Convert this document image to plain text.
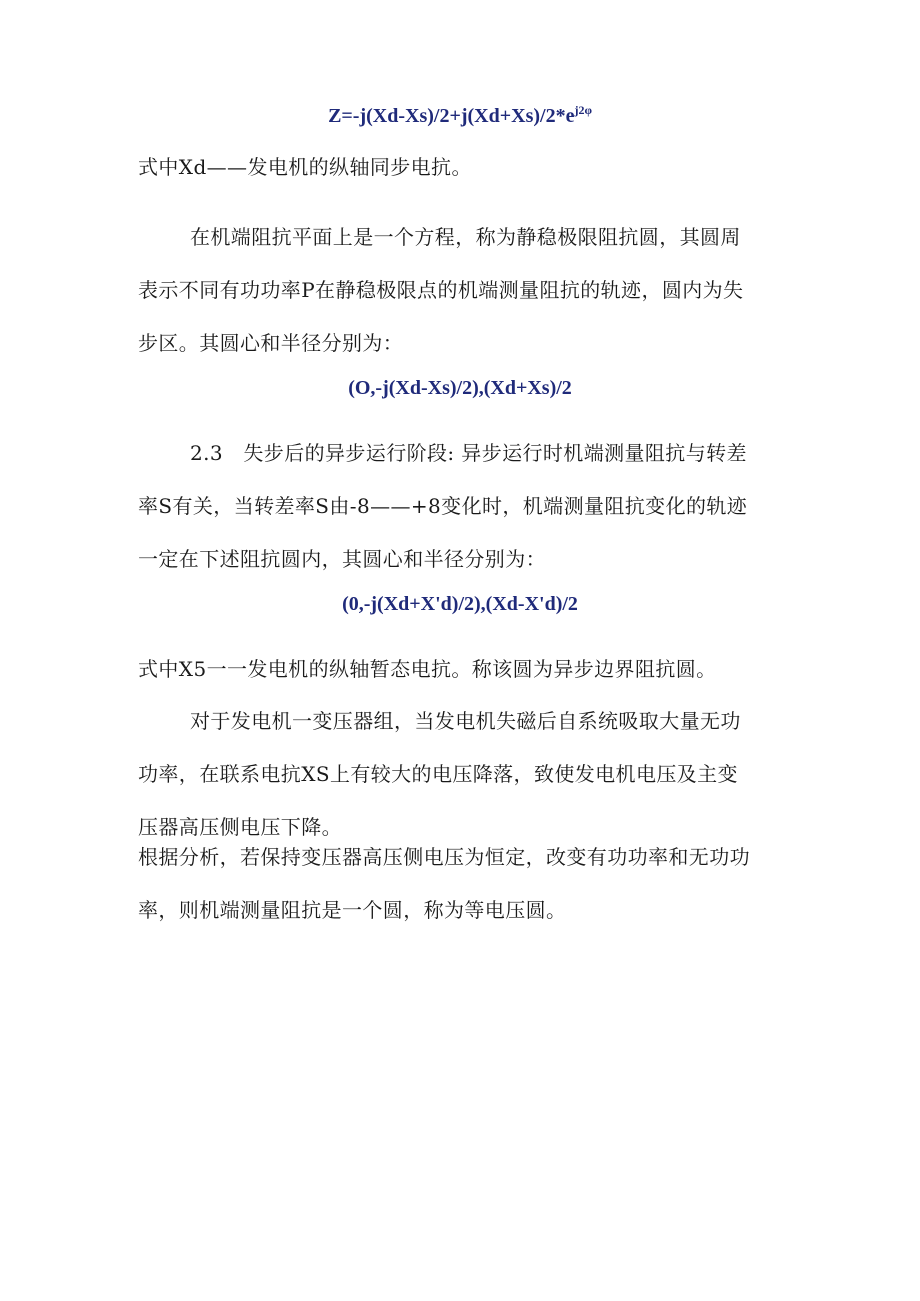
$Z=-j(Xd-Xs)/2+j(Xd+Xs)/2*e^{j2\varphi}$
式中Xd——发电机的纵轴同步电抗。
在机端阻抗平面上是一个方程，称为静稳极限阻抗圆，其圆周
表示不同有功功率P在静稳极限点的机端测量阻抗的轨迹，圆内为失
步区。其圆心和半径分别为：
(O,-j(Xd-Xs)/2),(Xd+Xs)/2
2.3　失步后的异步运行阶段: 异步运行时机端测量阻抗与转差
率S有关，当转差率S由-8——+8变化时，机端测量阻抗变化的轨迹
一定在下述阻抗圆内，其圆心和半径分别为：
(0,-j(Xd+X'd)/2),(Xd-X'd)/2
式中X5一一发电机的纵轴暂态电抗。称该圆为异步边界阻抗圆。
对于发电机一变压器组，当发电机失磁后自系统吸取大量无功
功率，在联系电抗XS上有较大的电压降落，致使发电机电压及主变
压器高压侧电压下降。
根据分析，若保持变压器高压侧电压为恒定，改变有功功率和无功功
率，则机端测量阻抗是一个圆，称为等电压圆。
